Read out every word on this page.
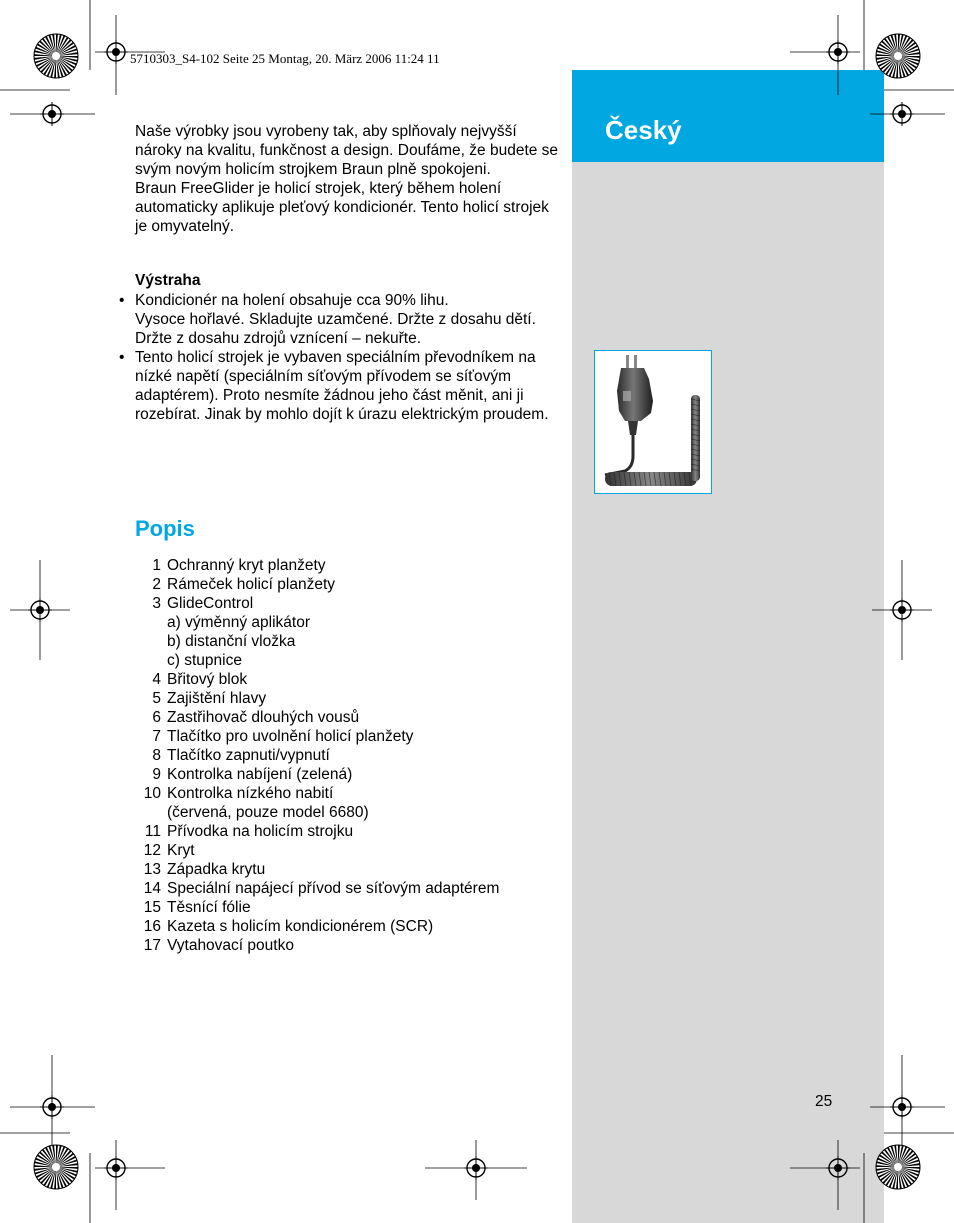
Český
5710303_S4-102 Seite 25 Montag, 20. März 2006 11:24 11

Naše výrobky jsou vyrobeny tak, aby splňovaly nejvyšší nároky na kvalitu, funkčnost a design. Doufáme, že budete se svým novým holicím strojkem Braun plně spokojeni.

Braun FreeGlider je holicí strojek, který během holení automaticky aplikuje pleťový kondicionér. Tento holicí strojek je omyvatelný.

Výstraha
• Kondicionér na holení obsahuje cca 90% lihu.
Vysoce hořlavé. Skladujte uzamčené. Držte z dosahu dětí. Držte z dosahu zdrojů vznícení – nekuřte.
• Tento holicí strojek je vybaven speciálním převodníkem na nízké napětí (speciálním síťovým přívodem se síťovým adaptérem). Proto nesmíte žádnou jeho část měnit, ani ji rozebírat. Jinak by mohlo dojít k úrazu elektrickým proudem.
Popis
1 Ochranný kryt planžety
2 Rámeček holicí planžety
3 GlideControl
a) výměnný aplikátor
b) distanční vložka
c) stupnice
4 Břitový blok
5 Zajištění hlavy
6 Zastřihovač dlouhých vousů
7 Tlačítko pro uvolnění holicí planžety
8 Tlačítko zapnuti/vypnutí
9 Kontrolka nabíjení (zelená)
10 Kontrolka nízkého nabití
(červená, pouze model 6680)
11 Přívodka na holicím strojku
12 Kryt
13 Západka krytu
14 Speciální napájecí přívod se síťovým adaptérem
15 Těsnící fólie
16 Kazeta s holicím kondicionérem (SCR)
17 Vytahovací poutko
25
